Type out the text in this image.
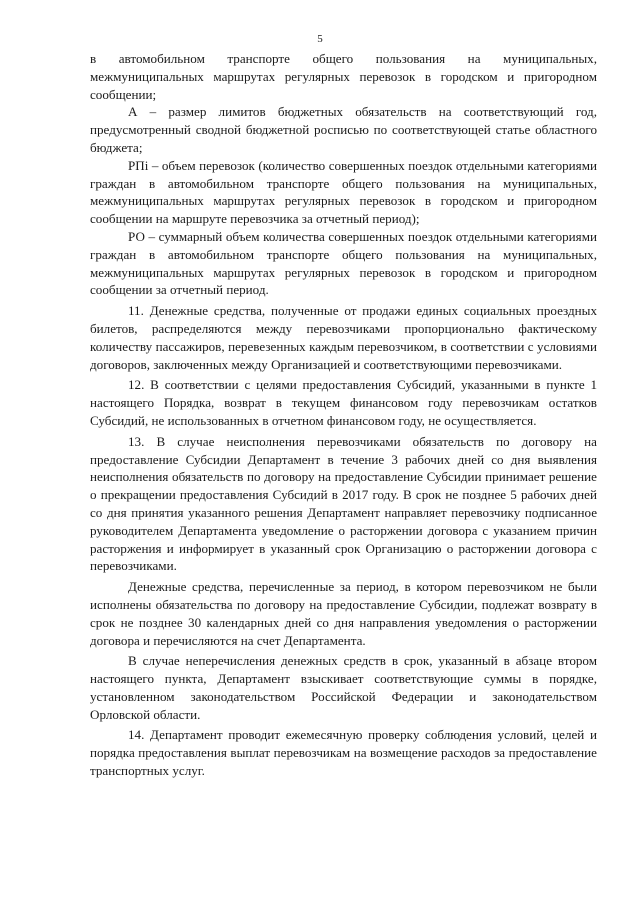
5

в автомобильном транспорте общего пользования на муниципальных, межмуниципальных маршрутах регулярных перевозок в городском и пригородном сообщении;

А – размер лимитов бюджетных обязательств на соответствующий год, предусмотренный сводной бюджетной росписью по соответствующей статье областного бюджета;

РПi – объем перевозок (количество совершенных поездок отдельными категориями граждан в автомобильном транспорте общего пользования на муниципальных, межмуниципальных маршрутах регулярных перевозок в городском и пригородном сообщении на маршруте перевозчика за отчетный период);

РО – суммарный объем количества совершенных поездок отдельными категориями граждан в автомобильном транспорте общего пользования на муниципальных, межмуниципальных маршрутах регулярных перевозок в городском и пригородном сообщении за отчетный период.

11. Денежные средства, полученные от продажи единых социальных проездных билетов, распределяются между перевозчиками пропорционально фактическому количеству пассажиров, перевезенных каждым перевозчиком, в соответствии с условиями договоров, заключенных между Организацией и соответствующими перевозчиками.

12. В соответствии с целями предоставления Субсидий, указанными в пункте 1 настоящего Порядка, возврат в текущем финансовом году перевозчикам остатков Субсидий, не использованных в отчетном финансовом году, не осуществляется.

13. В случае неисполнения перевозчиками обязательств по договору на предоставление Субсидии Департамент в течение 3 рабочих дней со дня выявления неисполнения обязательств по договору на предоставление Субсидии принимает решение о прекращении предоставления Субсидий в 2017 году. В срок не позднее 5 рабочих дней со дня принятия указанного решения Департамент направляет перевозчику подписанное руководителем Департамента уведомление о расторжении договора с указанием причин расторжения и информирует в указанный срок Организацию о расторжении договора с перевозчиками.

Денежные средства, перечисленные за период, в котором перевозчиком не были исполнены обязательства по договору на предоставление Субсидии, подлежат возврату в срок не позднее 30 календарных дней со дня направления уведомления о расторжении договора и перечисляются на счет Департамента.

В случае неперечисления денежных средств в срок, указанный в абзаце втором настоящего пункта, Департамент взыскивает соответствующие суммы в порядке, установленном законодательством Российской Федерации и законодательством Орловской области.

14. Департамент проводит ежемесячную проверку соблюдения условий, целей и порядка предоставления выплат перевозчикам на возмещение расходов за предоставление транспортных услуг.
